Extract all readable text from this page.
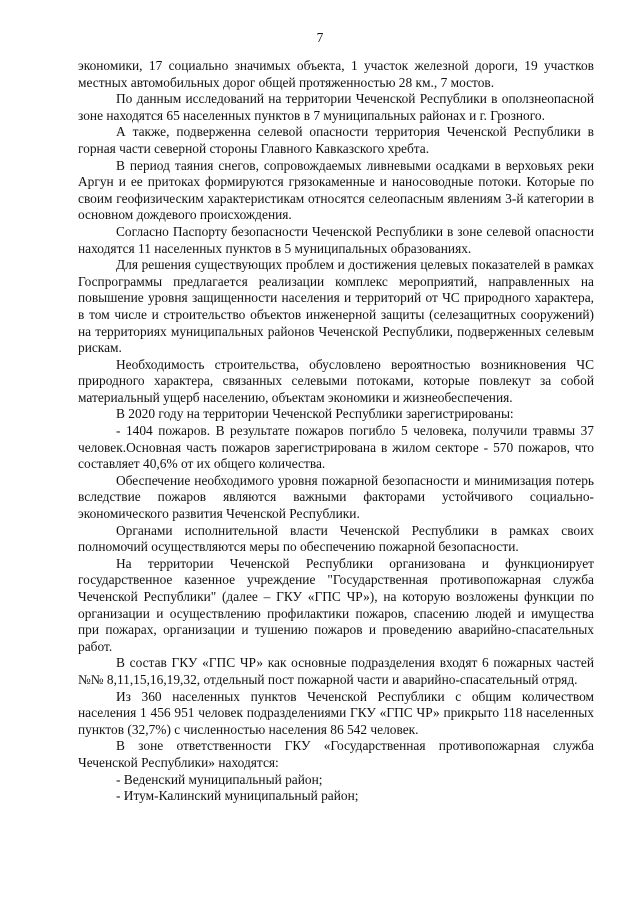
7

экономики, 17 социально значимых объекта, 1 участок железной дороги, 19 участков местных автомобильных дорог общей протяженностью 28 км., 7 мостов.

По данным исследований на территории Чеченской Республики в оползнеопасной зоне находятся 65 населенных пунктов в 7 муниципальных районах и г. Грозного.

А также, подверженна селевой опасности территория Чеченской Республики в горная части северной стороны Главного Кавказского хребта.

В период таяния снегов, сопровождаемых ливневыми осадками в верховьях реки Аргун и ее притоках формируются грязокаменные и наносоводные потоки. Которые по своим геофизическим характеристикам относятся селеопасным явлениям 3-й категории в основном дождевого происхождения.

Согласно Паспорту безопасности Чеченской Республики в зоне селевой опасности находятся 11 населенных пунктов в 5 муниципальных образованиях.

Для решения существующих проблем и достижения целевых показателей в рамках Госпрограммы предлагается реализации комплекс мероприятий, направленных на повышение уровня защищенности населения и территорий от ЧС природного характера, в том числе и строительство объектов инженерной защиты (селезащитных сооружений) на территориях муниципальных районов Чеченской Республики, подверженных селевым рискам.

Необходимость строительства, обусловлено вероятностью возникновения ЧС природного характера, связанных селевыми потоками, которые повлекут за собой материальный ущерб населению, объектам экономики и жизнеобеспечения.

В 2020 году на территории Чеченской Республики зарегистрированы:

- 1404 пожаров. В результате пожаров погибло 5 человека, получили травмы 37 человек.Основная часть пожаров зарегистрирована в жилом секторе - 570 пожаров, что составляет 40,6% от их общего количества.

Обеспечение необходимого уровня пожарной безопасности и минимизация потерь вследствие пожаров являются важными факторами устойчивого социально-экономического развития Чеченской Республики.

Органами исполнительной власти Чеченской Республики в рамках своих полномочий осуществляются меры по обеспечению пожарной безопасности.

На территории Чеченской Республики организована и функционирует государственное казенное учреждение "Государственная противопожарная служба Чеченской Республики" (далее – ГКУ «ГПС ЧР»), на которую возложены функции по организации и осуществлению профилактики пожаров, спасению людей и имущества при пожарах, организации и тушению пожаров и проведению аварийно-спасательных работ.

В состав ГКУ «ГПС ЧР» как основные подразделения входят 6 пожарных частей №№ 8,11,15,16,19,32, отдельный пост пожарной части и аварийно-спасательный отряд.

Из 360 населенных пунктов Чеченской Республики с общим количеством населения 1 456 951 человек подразделениями ГКУ «ГПС ЧР» прикрыто 118 населенных пунктов (32,7%) с численностью населения 86 542 человек.

В зоне ответственности ГКУ «Государственная противопожарная служба Чеченской Республики» находятся:

- Веденский муниципальный район;

- Итум-Калинский муниципальный район;
